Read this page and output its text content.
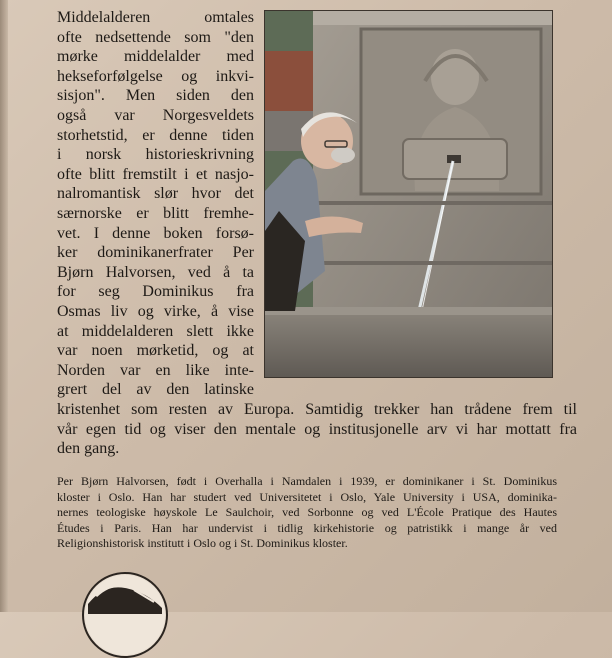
Middelalderen omtales
ofte nedsettende som "den
mørke middelalder med
hekseforfølgelse og inkvi-
sisjon". Men siden den
også var Norgesveldets
storhetstid, er denne tiden
i norsk historieskrivning
ofte blitt fremstilt i et nasjo-
nalromantisk slør hvor det
særnorske er blitt fremhe-
vet. I denne boken forsø-
ker dominikanerfrater Per
Bjørn Halvorsen, ved å ta
for seg Dominikus fra
Osmas liv og virke, å vise
at middelalderen slett ikke
var noen mørketid, og at
Norden var en like inte-
grert del av den latinske

kristenhet som resten av Europa. Samtidig trekker han trådene frem til
vår egen tid og viser den mentale og institusjonelle arv vi har mottatt fra
den gang.

Per Bjørn Halvorsen, født i Overhalla i Namdalen i 1939, er dominikaner i St. Dominikus
kloster i Oslo. Han har studert ved Universitetet i Oslo, Yale University i USA, dominika-
nernes teologiske høyskole Le Saulchoir, ved Sorbonne og ved L'École Pratique des Hautes
Études i Paris. Han har undervist i tidlig kirkehistorie og patristikk i mange år ved
Religionshistorisk institutt i Oslo og i St. Dominikus kloster.
